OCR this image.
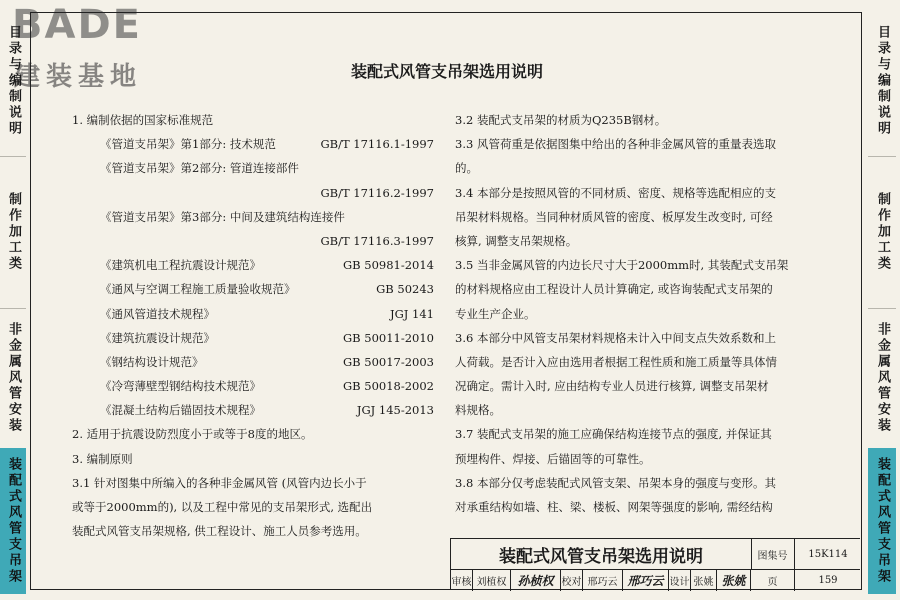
BADE
建装基地
目录与编制说明
制作加工类
非金属风管安装
装配式风管支吊架
目录与编制说明
制作加工类
非金属风管安装
装配式风管支吊架
装配式风管支吊架选用说明
1. 编制依据的国家标准规范
《管道支吊架》第1部分: 技术规范	GB/T 17116.1-1997
《管道支吊架》第2部分: 管道连接部件
GB/T 17116.2-1997
《管道支吊架》第3部分: 中间及建筑结构连接件
GB/T 17116.3-1997
《建筑机电工程抗震设计规范》	GB 50981-2014
《通风与空调工程施工质量验收规范》	GB 50243
《通风管道技术规程》	JGJ 141
《建筑抗震设计规范》	GB 50011-2010
《钢结构设计规范》	GB 50017-2003
《冷弯薄壁型钢结构技术规范》	GB 50018-2002
《混凝土结构后锚固技术规程》	JGJ 145-2013
2. 适用于抗震设防烈度小于或等于8度的地区。
3. 编制原则
3.1 针对图集中所编入的各种非金属风管 (风管内边长小于
或等于2000mm的), 以及工程中常见的支吊架形式, 选配出
装配式风管支吊架规格, 供工程设计、施工人员参考选用。
3.2 装配式支吊架的材质为Q235B钢材。
3.3 风管荷重是依据图集中给出的各种非金属风管的重量表选取
的。
3.4 本部分是按照风管的不同材质、密度、规格等选配相应的支
吊架材料规格。当同种材质风管的密度、板厚发生改变时, 可经
核算, 调整支吊架规格。
3.5 当非金属风管的内边长尺寸大于2000mm时, 其装配式支吊架
的材料规格应由工程设计人员计算确定, 或咨询装配式支吊架的
专业生产企业。
3.6 本部分中风管支吊架材料规格未计入中间支点失效系数和上
人荷载。是否计入应由选用者根据工程性质和施工质量等具体情
况确定。需计入时, 应由结构专业人员进行核算, 调整支吊架材
料规格。
3.7 装配式支吊架的施工应确保结构连接节点的强度, 并保证其
预埋构件、焊接、后锚固等的可靠性。
3.8 本部分仅考虑装配式风管支架、吊架本身的强度与变形。其
对承重结构如墙、柱、梁、楼板、网架等强度的影响, 需经结构
装配式风管支吊架选用说明	图集号	15K114
审核 刘植权 孙桢权 校对 邢巧云 邢巧云 设计 张姚 张姚	页	159
